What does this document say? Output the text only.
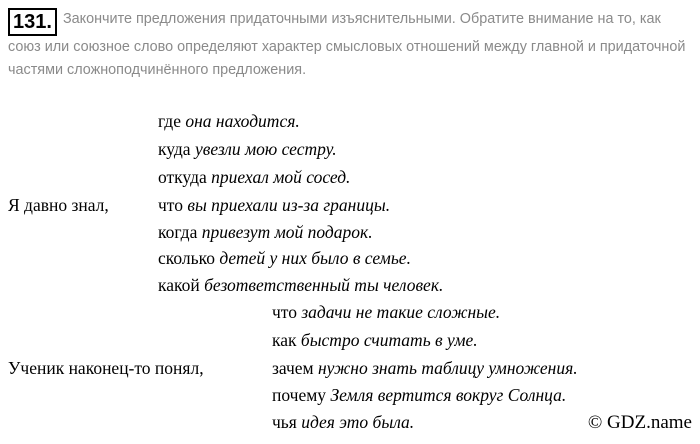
131. Закончите предложения придаточными изъяснительными. Обратите внимание на то, как союз или союзное слово определяют характер смысловых отношений между главной и придаточной частями сложноподчинённого предложения.
Я давно знал,
где она находится.
куда увезли мою сестру.
откуда приехал мой сосед.
что вы приехали из-за границы.
когда привезут мой подарок.
сколько детей у них было в семье.
какой безответственный ты человек.
Ученик наконец-то понял,
что задачи не такие сложные.
как быстро считать в уме.
зачем нужно знать таблицу умножения.
почему Земля вертится вокруг Солнца.
чья идея это была.	© GDZ.name
